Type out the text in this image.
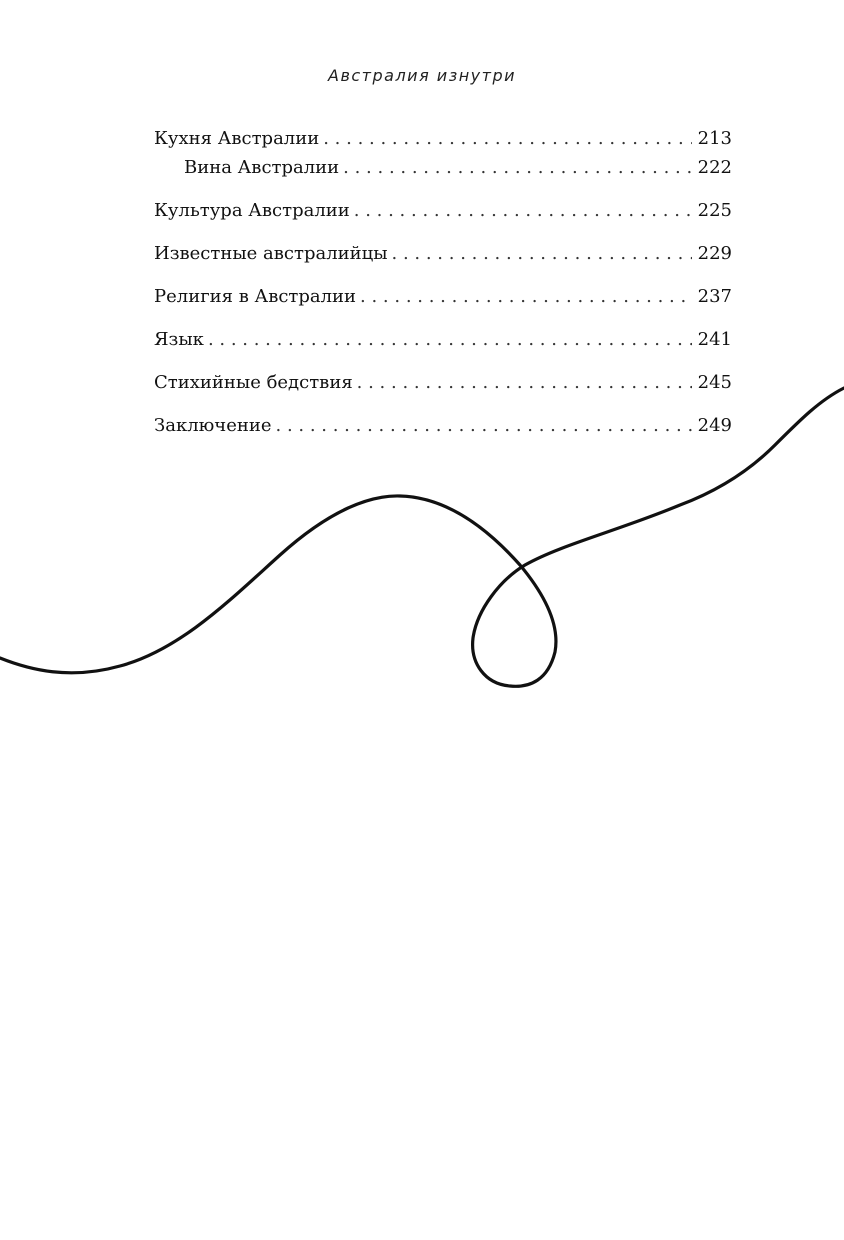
Австралия изнутри
Кухня Австралии . . .	213
Вина Австралии . . .	222
Культура Австралии . . .	225
Известные австралийцы . . .	229
Религия в Австралии . . .	237
Язык . . .	241
Стихийные бедствия . . .	245
Заключение . . .	249
